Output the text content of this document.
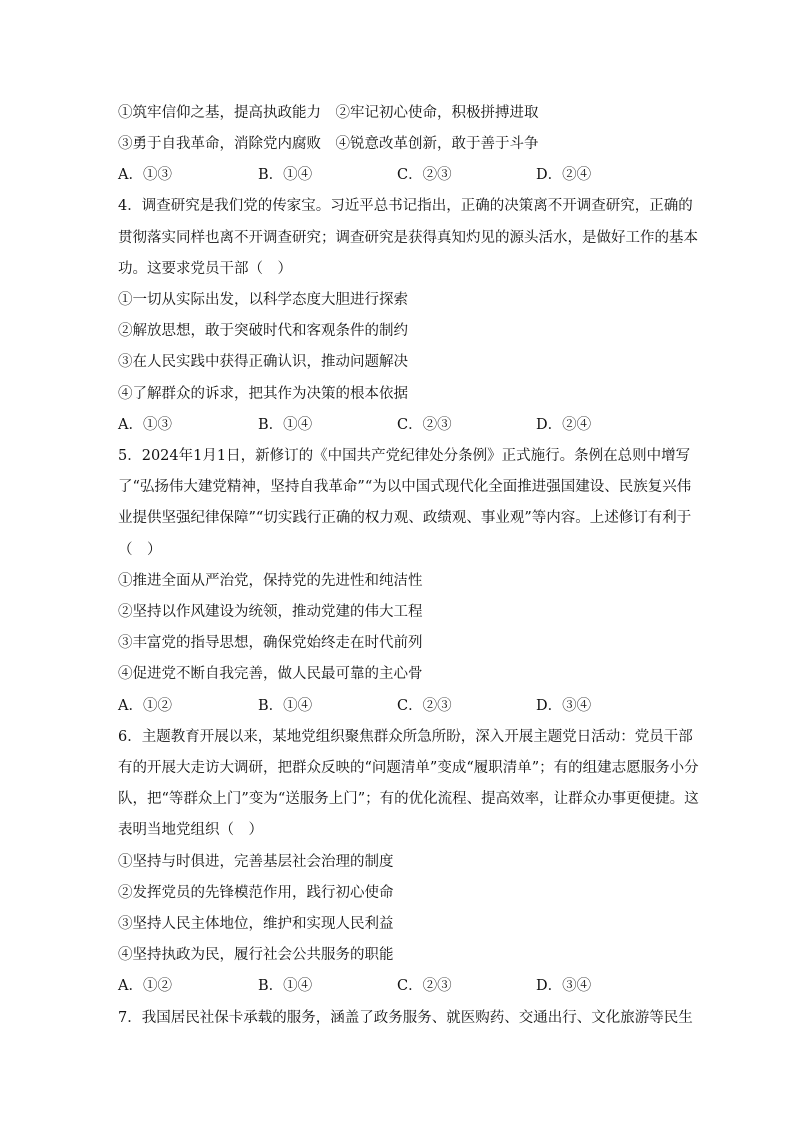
①筑牢信仰之基，提高执政能力　②牢记初心使命，积极拼搏进取
③勇于自我革命，消除党内腐败　④锐意改革创新，敢于善于斗争
A．①③	B．①④	C．②③	D．②④
4．调查研究是我们党的传家宝。习近平总书记指出，正确的决策离不开调查研究，正确的
贯彻落实同样也离不开调查研究；调查研究是获得真知灼见的源头活水，是做好工作的基本
功。这要求党员干部（　）
①一切从实际出发，以科学态度大胆进行探索
②解放思想，敢于突破时代和客观条件的制约
③在人民实践中获得正确认识，推动问题解决
④了解群众的诉求，把其作为决策的根本依据
A．①③	B．①④	C．②③	D．②④
5．2024年1月1日，新修订的《中国共产党纪律处分条例》正式施行。条例在总则中增写
了“弘扬伟大建党精神，坚持自我革命”“为以中国式现代化全面推进强国建设、民族复兴伟
业提供坚强纪律保障”“切实践行正确的权力观、政绩观、事业观”等内容。上述修订有利于
（　）
①推进全面从严治党，保持党的先进性和纯洁性
②坚持以作风建设为统领，推动党建的伟大工程
③丰富党的指导思想，确保党始终走在时代前列
④促进党不断自我完善，做人民最可靠的主心骨
A．①②	B．①④	C．②③	D．③④
6．主题教育开展以来，某地党组织聚焦群众所急所盼，深入开展主题党日活动：党员干部
有的开展大走访大调研，把群众反映的“问题清单”变成“履职清单”；有的组建志愿服务小分
队，把“等群众上门”变为“送服务上门”；有的优化流程、提高效率，让群众办事更便捷。这
表明当地党组织（　）
①坚持与时俱进，完善基层社会治理的制度
②发挥党员的先锋模范作用，践行初心使命
③坚持人民主体地位，维护和实现人民利益
④坚持执政为民，履行社会公共服务的职能
A．①②	B．①④	C．②③	D．③④
7．我国居民社保卡承载的服务，涵盖了政务服务、就医购药、交通出行、文化旅游等民生
